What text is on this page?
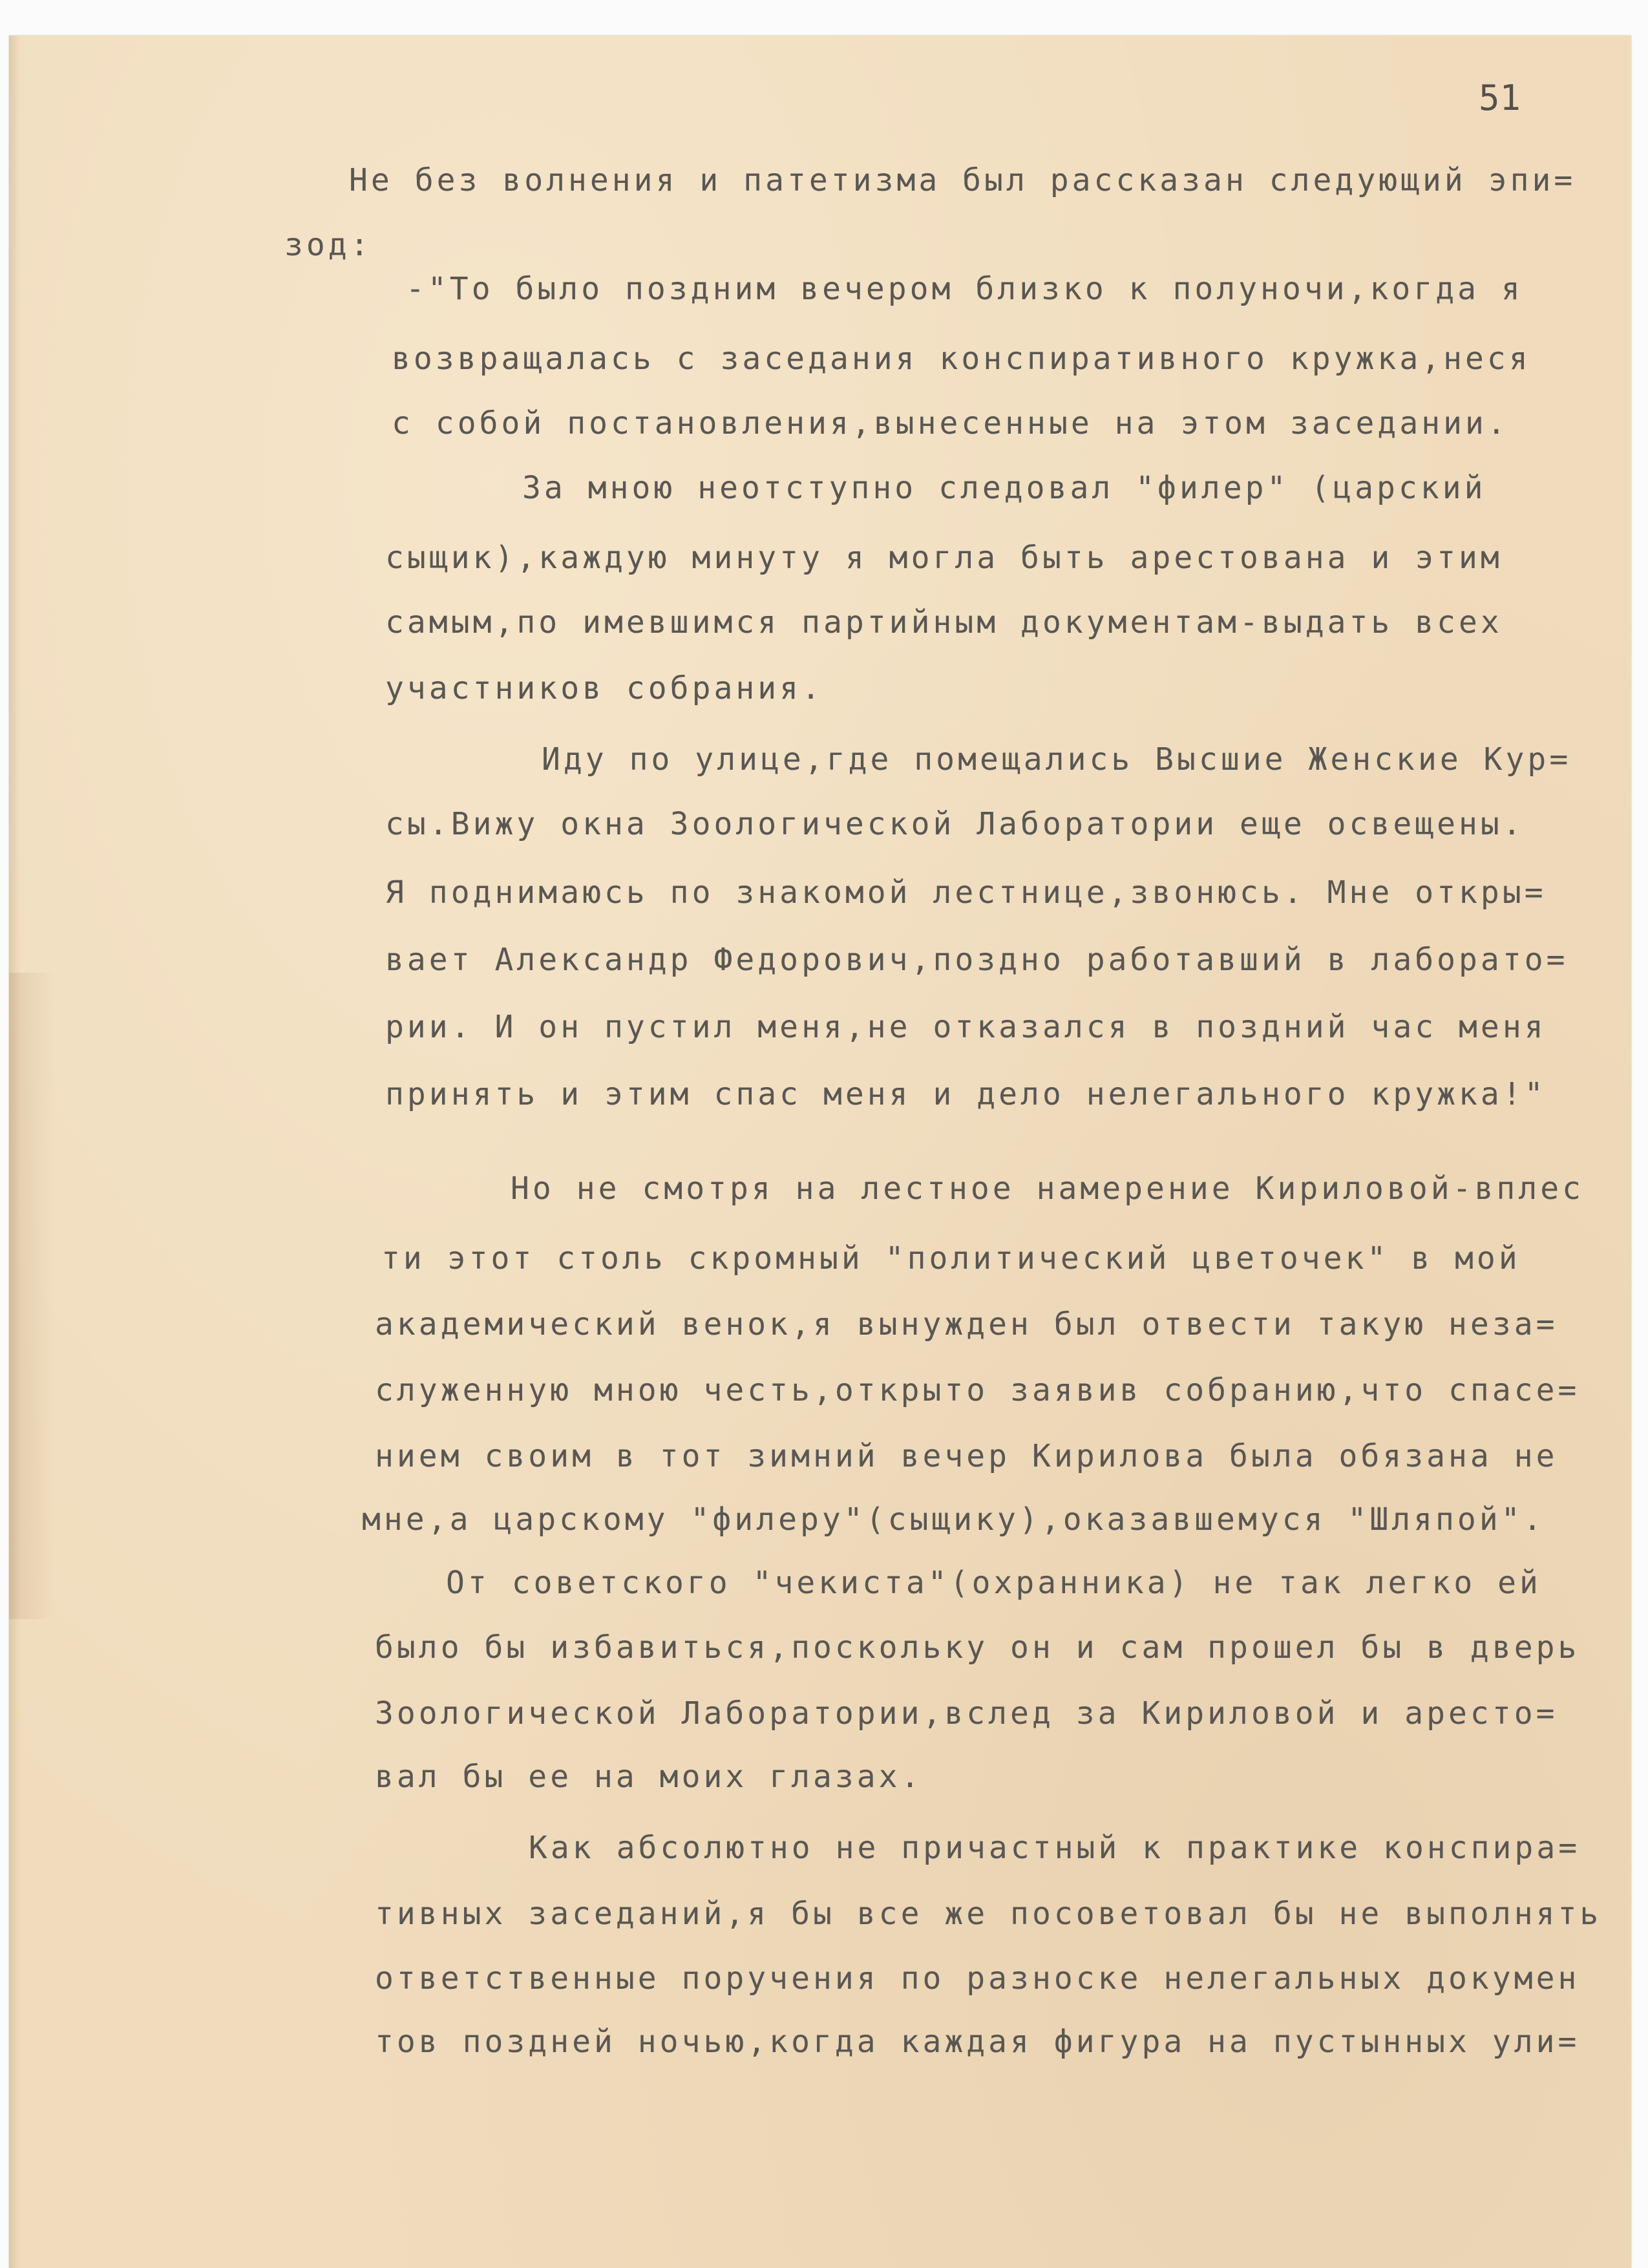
51

Не без волнения и патетизма был рассказан следующий эпи=

зод:

-"То было поздним вечером близко к полуночи,когда я

возвращалась с заседания конспиративного кружка,неся

с собой постановления,вынесенные на этом заседании.

За мною неотступно следовал "филер" (царский

сыщик),каждую минуту я могла быть арестована и этим

самым,по имевшимся партийным документам-выдать всех

участников собрания.

Иду по улице,где помещались Высшие Женские Кур=

сы.Вижу окна Зоологической Лаборатории еще освещены.

Я поднимаюсь по знакомой лестнице,звонюсь. Мне откры=

вает Александр Федорович,поздно работавший в лаборато=

рии. И он пустил меня,не отказался в поздний час меня

принять и этим спас меня и дело нелегального кружка!"

Но не смотря на лестное намерение Кириловой-вплес

ти этот столь скромный "политический цветочек" в мой

академический венок,я вынужден был отвести такую неза=

служенную мною честь,открыто заявив собранию,что спасе=

нием своим в тот зимний вечер Кирилова была обязана не

мне,а царскому "филеру"(сыщику),оказавшемуся "Шляпой".

От советского "чекиста"(охранника) не так легко ей

было бы избавиться,поскольку он и сам прошел бы в дверь

Зоологической Лаборатории,вслед за Кириловой и аресто=

вал бы ее на моих глазах.

Как абсолютно не причастный к практике конспира=

тивных заседаний,я бы все же посоветовал бы не выполнять

ответственные поручения по разноске нелегальных докумен

тов поздней ночью,когда каждая фигура на пустынных ули=
